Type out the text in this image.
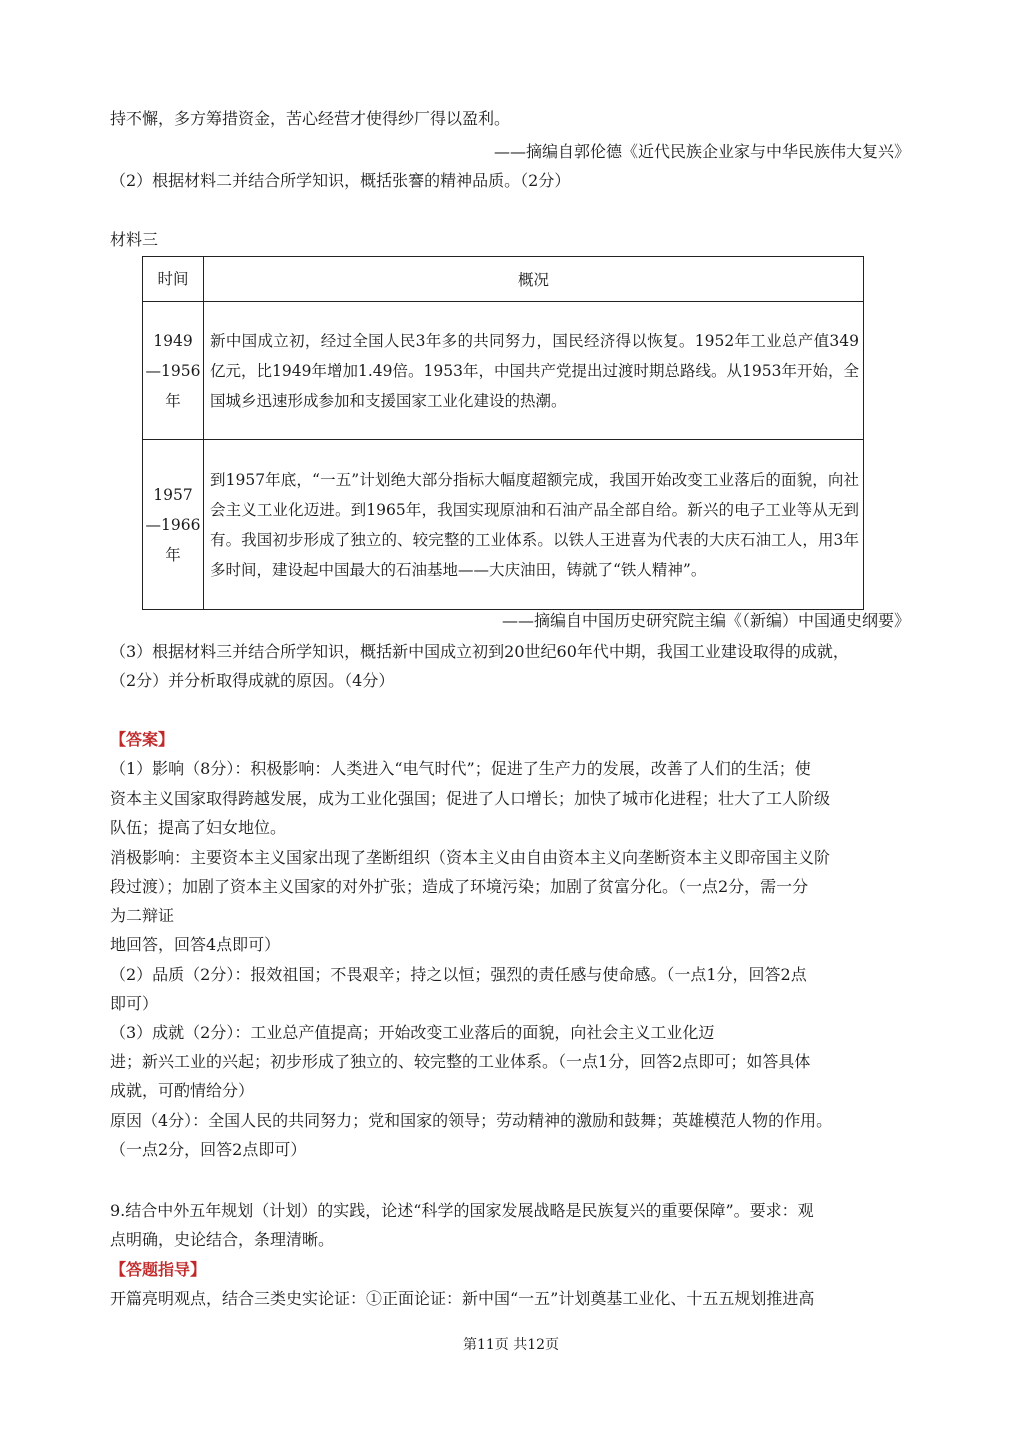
持不懈，多方筹措资金，苦心经营才使得纱厂得以盈利。
——摘编自郭伦德《近代民族企业家与中华民族伟大复兴》
（2）根据材料二并结合所学知识，概括张謇的精神品质。（2分）
材料三
时间	概况

1949
—1956
年	新中国成立初，经过全国人民3年多的共同努力，国民经济得以恢复。1952年工业总产值349亿元，比1949年增加1.49倍。1953年，中国共产党提出过渡时期总路线。从1953年开始，全国城乡迅速形成参加和支援国家工业化建设的热潮。

1957
—1966
年	到1957年底，“一五”计划绝大部分指标大幅度超额完成，我国开始改变工业落后的面貌，向社会主义工业化迈进。到1965年，我国实现原油和石油产品全部自给。新兴的电子工业等从无到有。我国初步形成了独立的、较完整的工业体系。以铁人王进喜为代表的大庆石油工人，用3年多时间，建设起中国最大的石油基地——大庆油田，铸就了“铁人精神”。
——摘编自中国历史研究院主编《（新编）中国通史纲要》
（3）根据材料三并结合所学知识，概括新中国成立初到20世纪60年代中期，我国工业建设取得的成就，
（2分）并分析取得成就的原因。（4分）
【答案】
（1）影响（8分）：积极影响：人类进入“电气时代”；促进了生产力的发展，改善了人们的生活；使
资本主义国家取得跨越发展，成为工业化强国；促进了人口增长；加快了城市化进程；壮大了工人阶级
队伍；提高了妇女地位。
消极影响：主要资本主义国家出现了垄断组织（资本主义由自由资本主义向垄断资本主义即帝国主义阶
段过渡）；加剧了资本主义国家的对外扩张；造成了环境污染；加剧了贫富分化。（一点2分，需一分
为二辩证
地回答，回答4点即可）
（2）品质（2分）：报效祖国；不畏艰辛；持之以恒；强烈的责任感与使命感。（一点1分，回答2点
即可）
（3）成就（2分）：工业总产值提高；开始改变工业落后的面貌，向社会主义工业化迈
进；新兴工业的兴起；初步形成了独立的、较完整的工业体系。（一点1分，回答2点即可；如答具体
成就，可酌情给分）
原因（4分）：全国人民的共同努力；党和国家的领导；劳动精神的激励和鼓舞；英雄模范人物的作用。
（一点2分，回答2点即可）
9.结合中外五年规划（计划）的实践，论述“科学的国家发展战略是民族复兴的重要保障”。要求：观
点明确，史论结合，条理清晰。
【答题指导】
开篇亮明观点，结合三类史实论证：①正面论证：新中国“一五”计划奠基工业化、十五五规划推进高
第11页 共12页
